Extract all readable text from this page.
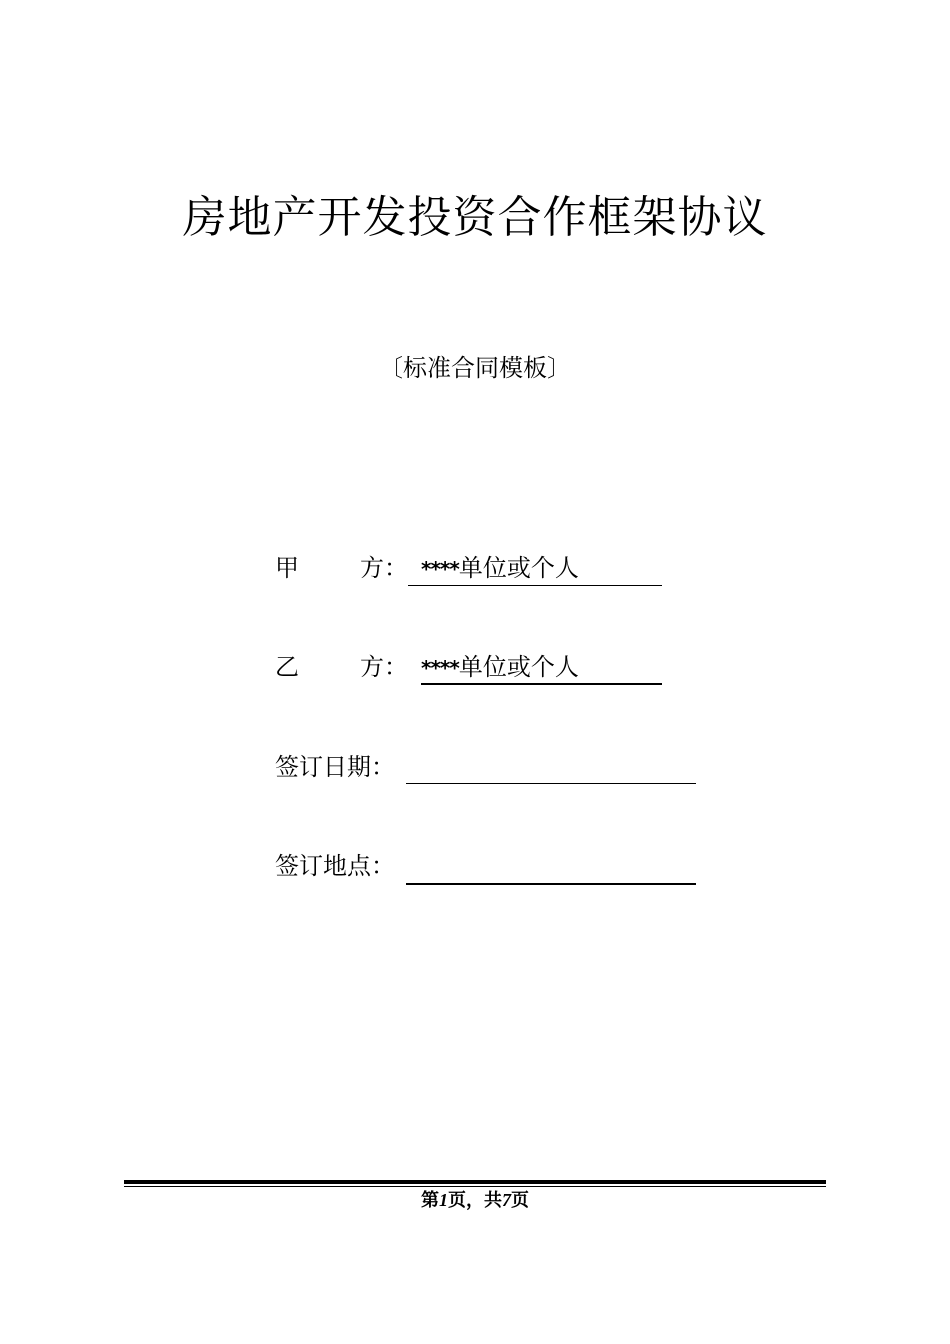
房地产开发投资合作框架协议
〔标准合同模板〕
甲        方： ****单位或个人
乙        方： ****单位或个人
签订日期：
签订地点：
第1页，共7页
